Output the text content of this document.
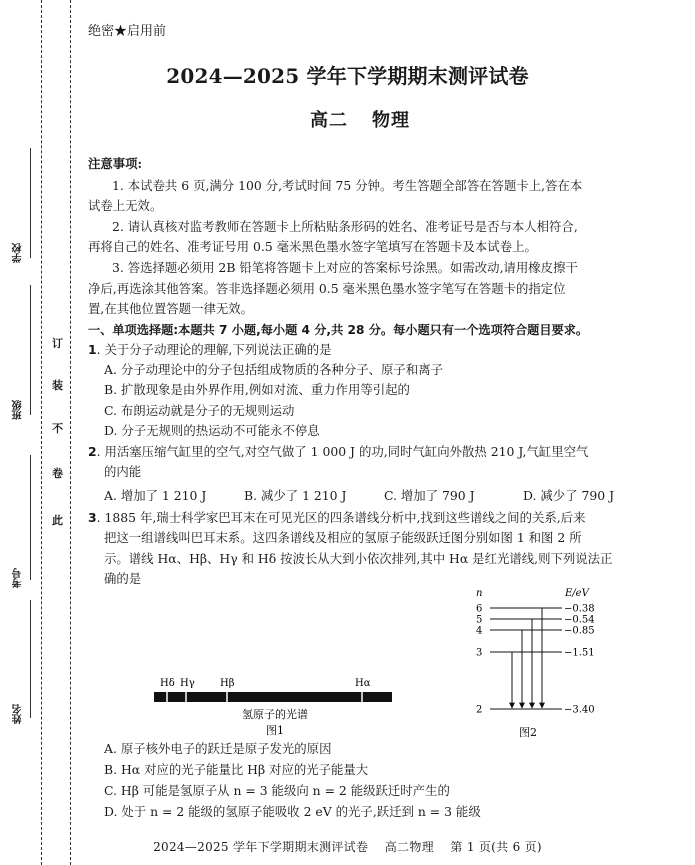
学校
班级
考号
姓名
订
装
不
卷
此
绝密★启用前
2024—2025 学年下学期期末测评试卷
高二 物理
注意事项:
1. 本试卷共 6 页,满分 100 分,考试时间 75 分钟。考生答题全部答在答题卡上,答在本
试卷上无效。
2. 请认真核对监考教师在答题卡上所粘贴条形码的姓名、准考证号是否与本人相符合,
再将自己的姓名、准考证号用 0.5 毫米黑色墨水签字笔填写在答题卡及本试卷上。
3. 答选择题必须用 2B 铅笔将答题卡上对应的答案标号涂黑。如需改动,请用橡皮擦干
净后,再选涂其他答案。答非选择题必须用 0.5 毫米黑色墨水签字笔写在答题卡的指定位
置,在其他位置答题一律无效。
一、单项选择题:本题共 7 小题,每小题 4 分,共 28 分。每小题只有一个选项符合题目要求。
1. 关于分子动理论的理解,下列说法正确的是
A. 分子动理论中的分子包括组成物质的各种分子、原子和离子
B. 扩散现象是由外界作用,例如对流、重力作用等引起的
C. 布朗运动就是分子的无规则运动
D. 分子无规则的热运动不可能永不停息
2. 用活塞压缩气缸里的空气,对空气做了 1 000 J 的功,同时气缸向外散热 210 J,气缸里空气
的内能
A. 增加了 1 210 J	B. 减少了 1 210 J	C. 增加了 790 J	D. 减少了 790 J
3. 1885 年,瑞士科学家巴耳末在可见光区的四条谱线分析中,找到这些谱线之间的关系,后来
把这一组谱线叫巴耳末系。这四条谱线及相应的氢原子能级跃迁图分别如图 1 和图 2 所
示。谱线 Hα、Hβ、Hγ 和 Hδ 按波长从大到小依次排列,其中 Hα 是红光谱线,则下列说法正
确的是
Hδ Hγ	Hβ	Hα
氢原子的光谱
图1
n	E/eV
6	−0.38
5	−0.54
4	−0.85
3	−1.51
2	−3.40
图2
A. 原子核外电子的跃迁是原子发光的原因
B. Hα 对应的光子能量比 Hβ 对应的光子能量大
C. Hβ 可能是氢原子从 n = 3 能级向 n = 2 能级跃迁时产生的
D. 处于 n = 2 能级的氢原子能吸收 2 eV 的光子,跃迁到 n = 3 能级
2024—2025 学年下学期期末测评试卷    高二物理    第 1 页(共 6 页)
